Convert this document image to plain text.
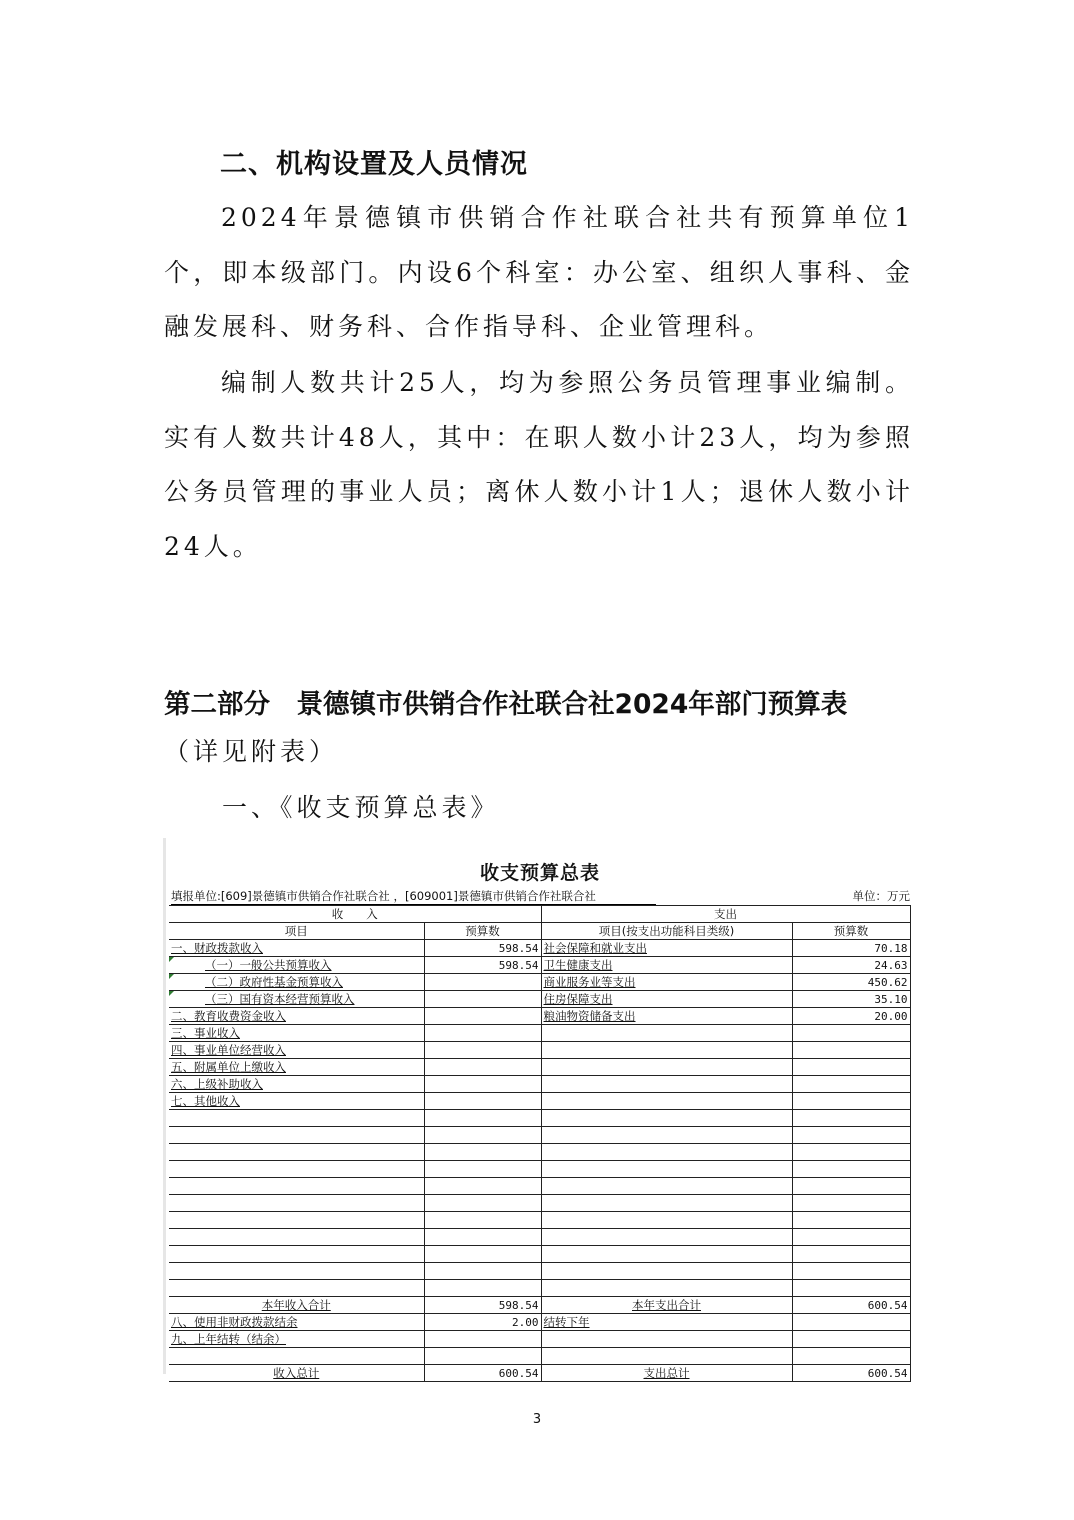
二、机构设置及人员情况
2024年景德镇市供销合作社联合社共有预算单位1个，即本级部门。内设6个科室：办公室、组织人事科、金融发展科、财务科、合作指导科、企业管理科。
编制人数共计25人，均为参照公务员管理事业编制。实有人数共计48人，其中：在职人数小计23人，均为参照公务员管理的事业人员；离休人数小计1人；退休人数小计24人。
第二部分　景德镇市供销合作社联合社2024年部门预算表
（详见附表）
一、《收支预算总表》
收支预算总表
填报单位:[609]景德镇市供销合作社联合社 ，[609001]景德镇市供销合作社联合社	单位：万元
收　　入		支出	
项目	预算数	项目(按支出功能科目类级)	预算数
一、财政拨款收入	598.54	社会保障和就业支出	70.18
（一）一般公共预算收入	598.54	卫生健康支出	24.63
（二）政府性基金预算收入		商业服务业等支出	450.62
（三）国有资本经营预算收入		住房保障支出	35.10
二、教育收费资金收入		粮油物资储备支出	20.00
三、事业收入			
四、事业单位经营收入			
五、附属单位上缴收入			
六、上级补助收入			
七、其他收入			

本年收入合计	598.54	本年支出合计	600.54
八、使用非财政拨款结余	2.00	结转下年	
九、上年结转（结余）			

收入总计	600.54	支出总计	600.54
3
